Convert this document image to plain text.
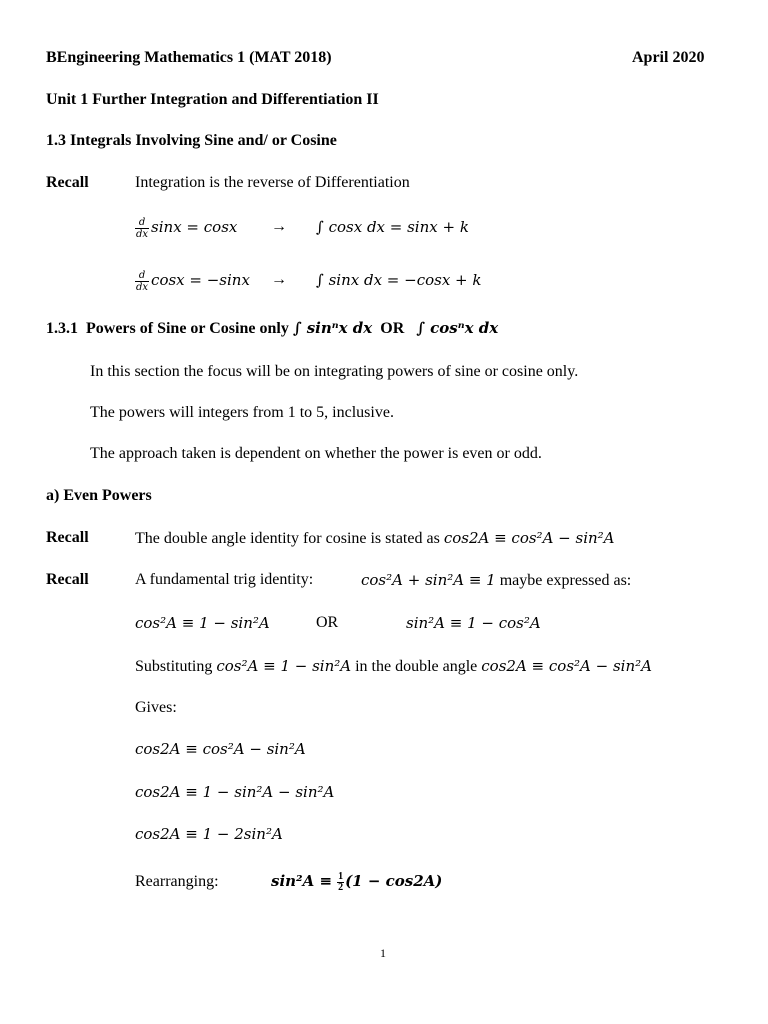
BEngineering Mathematics 1 (MAT 2018)	April 2020
Unit 1 Further Integration and Differentiation II
1.3 Integrals Involving Sine and/ or Cosine
Recall	Integration is the reverse of Differentiation
$\frac{d}{dx}$ sinx = cosx → ∫ cosx dx = sinx + k
$\frac{d}{dx}$ cosx = −sinx → ∫ sinx dx = −cosx + k
1.3.1 Powers of Sine or Cosine only ∫ sinⁿx dx OR ∫ cosⁿx dx
In this section the focus will be on integrating powers of sine or cosine only.
The powers will integers from 1 to 5, inclusive.
The approach taken is dependent on whether the power is even or odd.
a) Even Powers
Recall	The double angle identity for cosine is stated as cos2A ≡ cos²A − sin²A
Recall	A fundamental trig identity:	cos²A + sin²A ≡ 1 maybe expressed as:
cos²A ≡ 1 − sin²A	OR	sin²A ≡ 1 − cos²A
Substituting cos²A ≡ 1 − sin²A in the double angle cos2A ≡ cos²A − sin²A
Gives:
cos2A ≡ cos²A − sin²A
cos2A ≡ 1 − sin²A − sin²A
cos2A ≡ 1 − 2sin²A
Rearranging:	$\sin^2A \equiv \frac{1}{2} (1 - \cos 2A)$
1
